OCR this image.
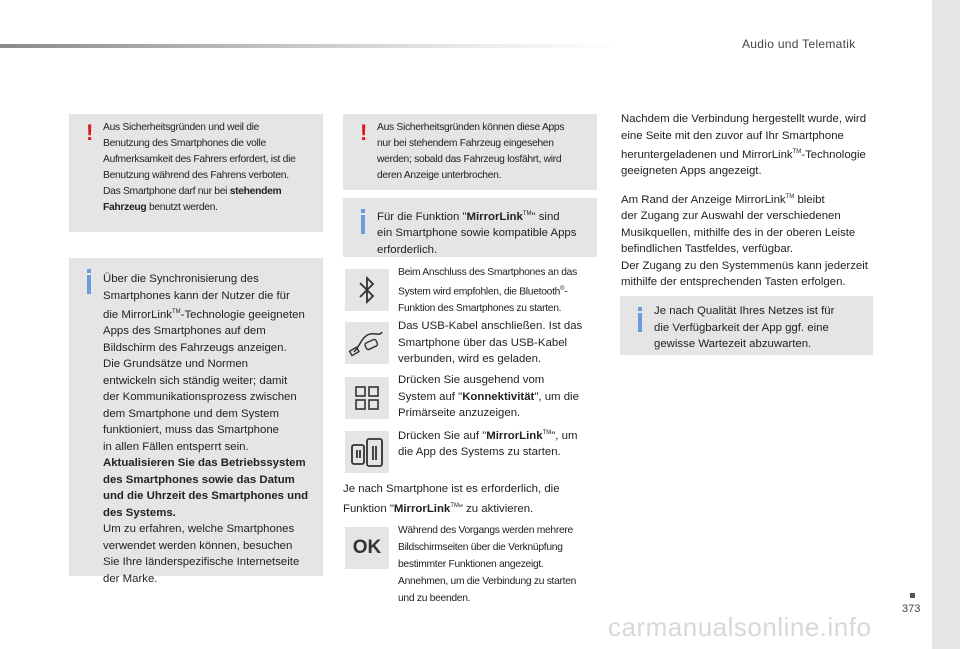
Audio und Telematik
373
! Aus Sicherheitsgründen und weil die
Benutzung des Smartphones die volle
Aufmerksamkeit des Fahrers erfordert, ist die
Benutzung während des Fahrens verboten.
Das Smartphone darf nur bei stehendem
Fahrzeug benutzt werden.
Über die Synchronisierung des
Smartphones kann der Nutzer die für
die MirrorLink™-Technologie geeigneten
Apps des Smartphones auf dem
Bildschirm des Fahrzeugs anzeigen.
Die Grundsätze und Normen
entwickeln sich ständig weiter; damit
der Kommunikationsprozess zwischen
dem Smartphone und dem System
funktioniert, muss das Smartphone
in allen Fällen entsperrt sein.
Aktualisieren Sie das Betriebssystem
des Smartphones sowie das Datum
und die Uhrzeit des Smartphones und
des Systems.
Um zu erfahren, welche Smartphones
verwendet werden können, besuchen
Sie Ihre länderspezifische Internetseite
der Marke.
! Aus Sicherheitsgründen können diese Apps
nur bei stehendem Fahrzeug eingesehen
werden; sobald das Fahrzeug losfährt, wird
deren Anzeige unterbrochen.
Für die Funktion "MirrorLink™" sind
ein Smartphone sowie kompatible Apps
erforderlich.
Beim Anschluss des Smartphones an das
System wird empfohlen, die Bluetooth®-
Funktion des Smartphones zu starten.
Das USB-Kabel anschließen. Ist das
Smartphone über das USB-Kabel
verbunden, wird es geladen.
Drücken Sie ausgehend vom
System auf "Konnektivität", um die
Primärseite anzuzeigen.
Drücken Sie auf "MirrorLink™", um
die App des Systems zu starten.
Je nach Smartphone ist es erforderlich, die
Funktion "MirrorLink™" zu aktivieren.
OK
Während des Vorgangs werden mehrere
Bildschirmseiten über die Verknüpfung
bestimmter Funktionen angezeigt.
Annehmen, um die Verbindung zu starten
und zu beenden.
Nachdem die Verbindung hergestellt wurde, wird
eine Seite mit den zuvor auf Ihr Smartphone
heruntergeladenen und MirrorLink™-Technologie
geeigneten Apps angezeigt.
Am Rand der Anzeige MirrorLink™ bleibt
der Zugang zur Auswahl der verschiedenen
Musikquellen, mithilfe des in der oberen Leiste
befindlichen Tastfeldes, verfügbar.
Der Zugang zu den Systemmenüs kann jederzeit
mithilfe der entsprechenden Tasten erfolgen.
Je nach Qualität Ihres Netzes ist für
die Verfügbarkeit der App ggf. eine
gewisse Wartezeit abzuwarten.
carmanualsonline.info
